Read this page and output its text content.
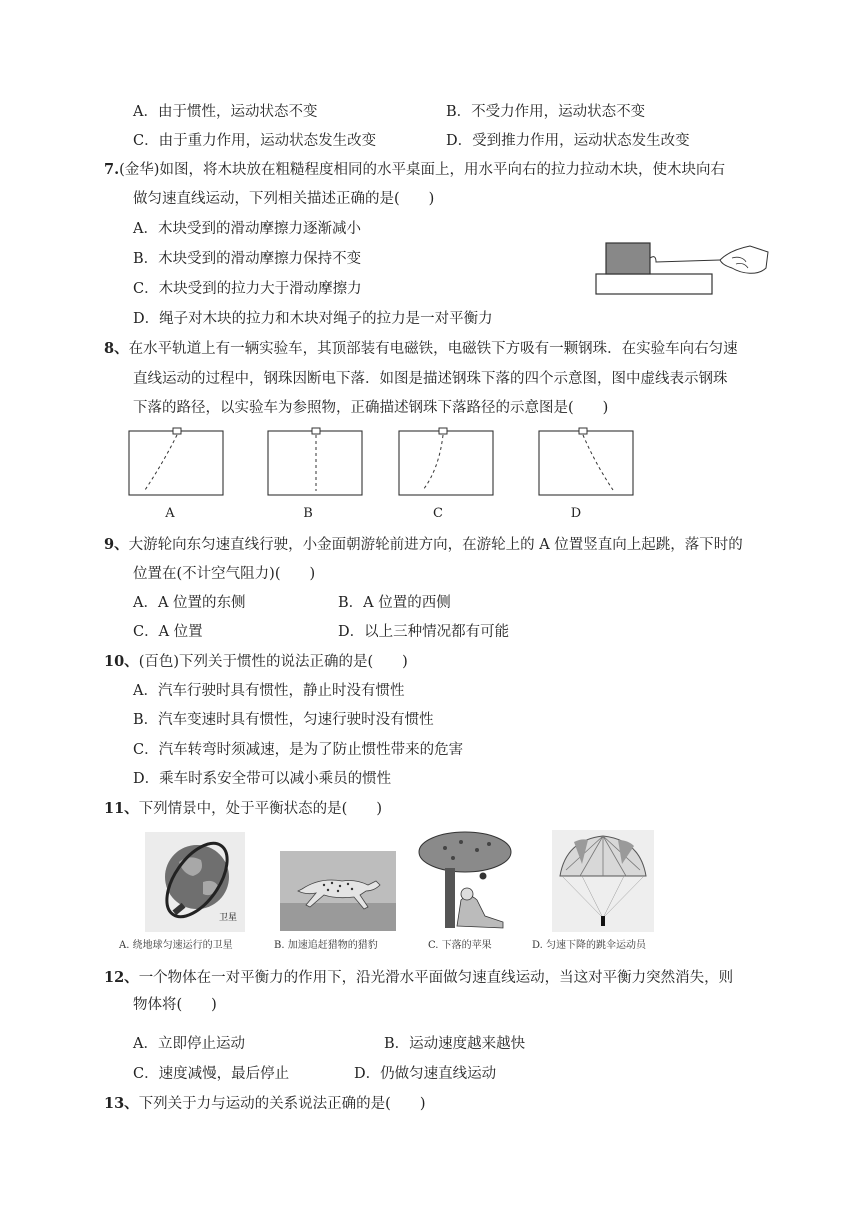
A．由于惯性，运动状态不变	B．不受力作用，运动状态不变
C．由于重力作用，运动状态发生改变	D．受到推力作用，运动状态发生改变
7.(金华)如图，将木块放在粗糙程度相同的水平桌面上，用水平向右的拉力拉动木块，使木块向右
做匀速直线运动，下列相关描述正确的是(　　)
A．木块受到的滑动摩擦力逐渐减小
B．木块受到的滑动摩擦力保持不变
C．木块受到的拉力大于滑动摩擦力
D．绳子对木块的拉力和木块对绳子的拉力是一对平衡力
8、在水平轨道上有一辆实验车，其顶部装有电磁铁，电磁铁下方吸有一颗钢珠．在实验车向右匀速
直线运动的过程中，钢珠因断电下落．如图是描述钢珠下落的四个示意图，图中虚线表示钢珠
下落的路径，以实验车为参照物，正确描述钢珠下落路径的示意图是(　　)
A	B	C	D
9、大游轮向东匀速直线行驶，小金面朝游轮前进方向，在游轮上的 A 位置竖直向上起跳，落下时的
位置在(不计空气阻力)(　　)
A．A 位置的东侧	B．A 位置的西侧
C．A 位置	D．以上三种情况都有可能
10、(百色)下列关于惯性的说法正确的是(　　)
A．汽车行驶时具有惯性，静止时没有惯性
B．汽车变速时具有惯性，匀速行驶时没有惯性
C．汽车转弯时须减速，是为了防止惯性带来的危害
D．乘车时系安全带可以减小乘员的惯性
11、下列情景中，处于平衡状态的是(　　)
卫星
A. 绕地球匀速运行的卫星	B. 加速追赶猎物的猎豹	C. 下落的苹果	D. 匀速下降的跳伞运动员
12、一个物体在一对平衡力的作用下，沿光滑水平面做匀速直线运动，当这对平衡力突然消失，则
物体将(　　)
A．立即停止运动	B．运动速度越来越快
C．速度减慢，最后停止	D．仍做匀速直线运动
13、下列关于力与运动的关系说法正确的是(　　)
